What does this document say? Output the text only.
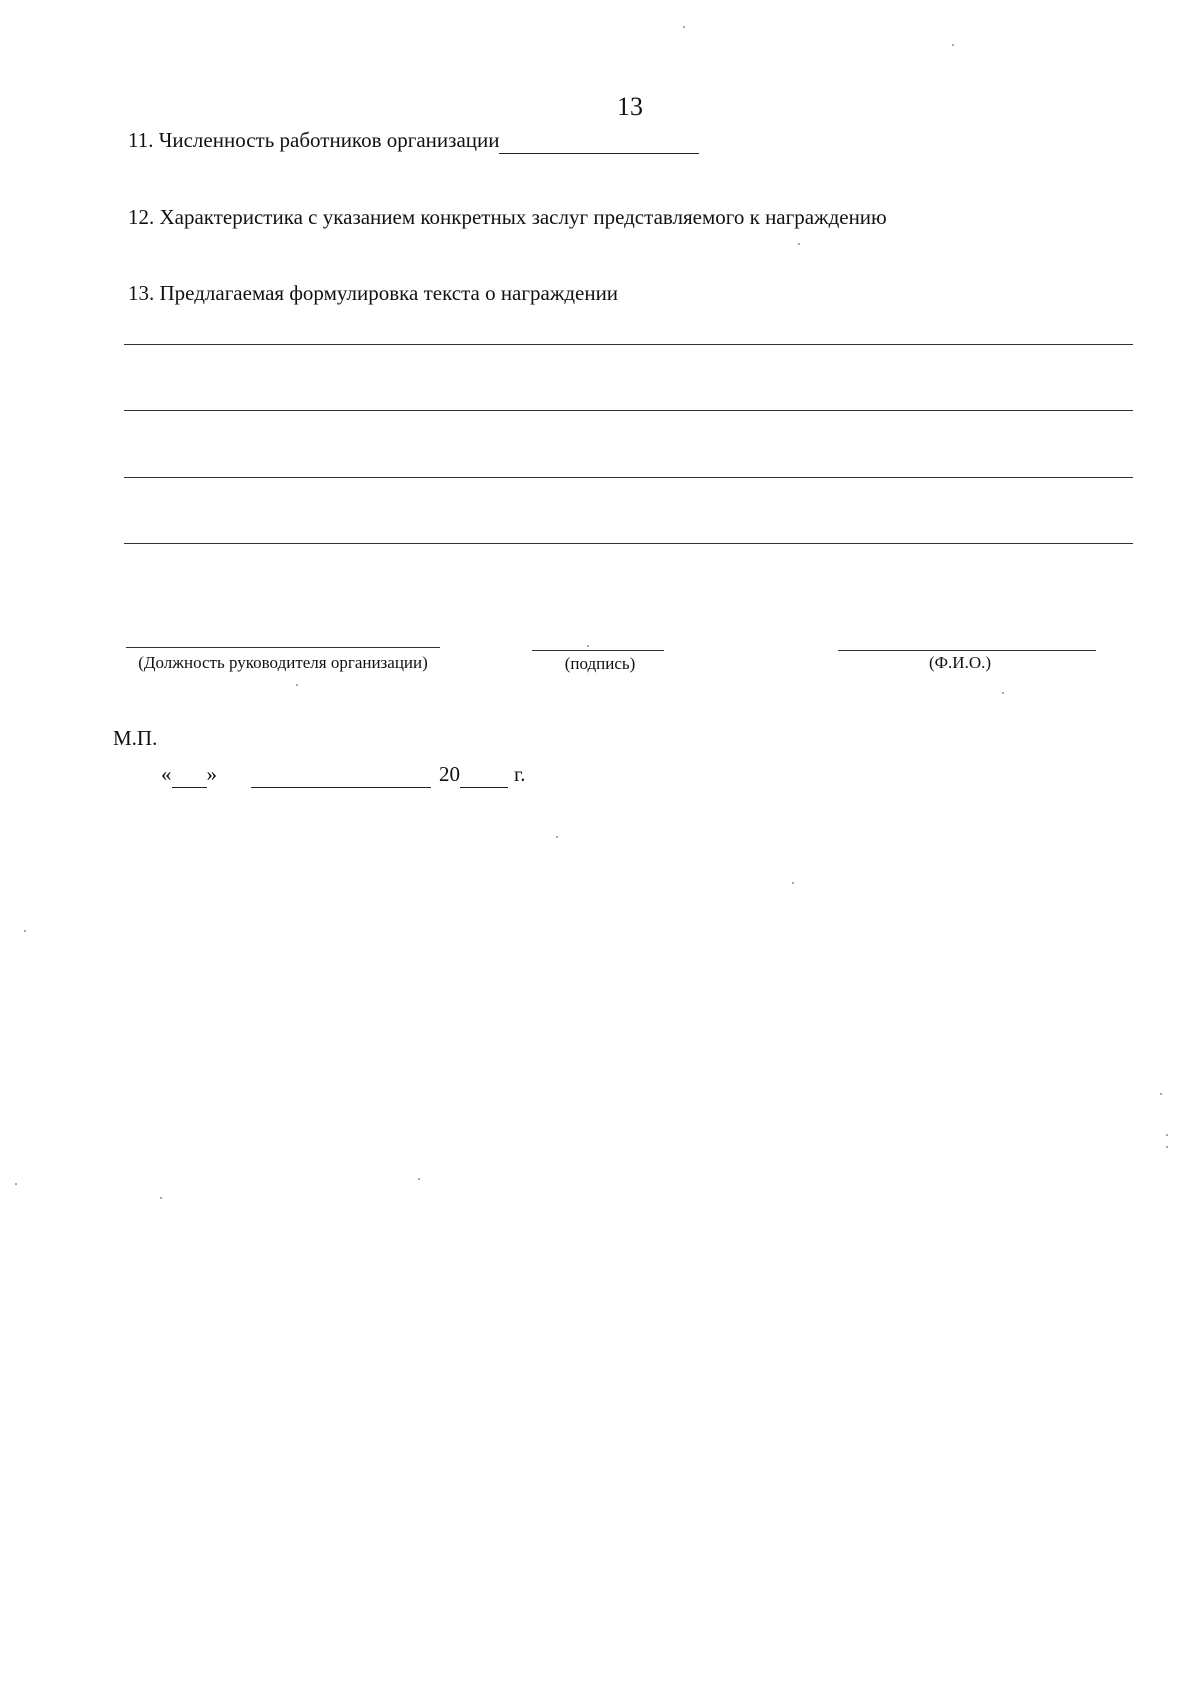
13
11. Численность работников организации
12. Характеристика с указанием конкретных заслуг представляемого к награждению
13. Предлагаемая формулировка текста о награждении
(Должность руководителя организации)	(подпись)	(Ф.И.О.)
М.П.
« »	20	г.
